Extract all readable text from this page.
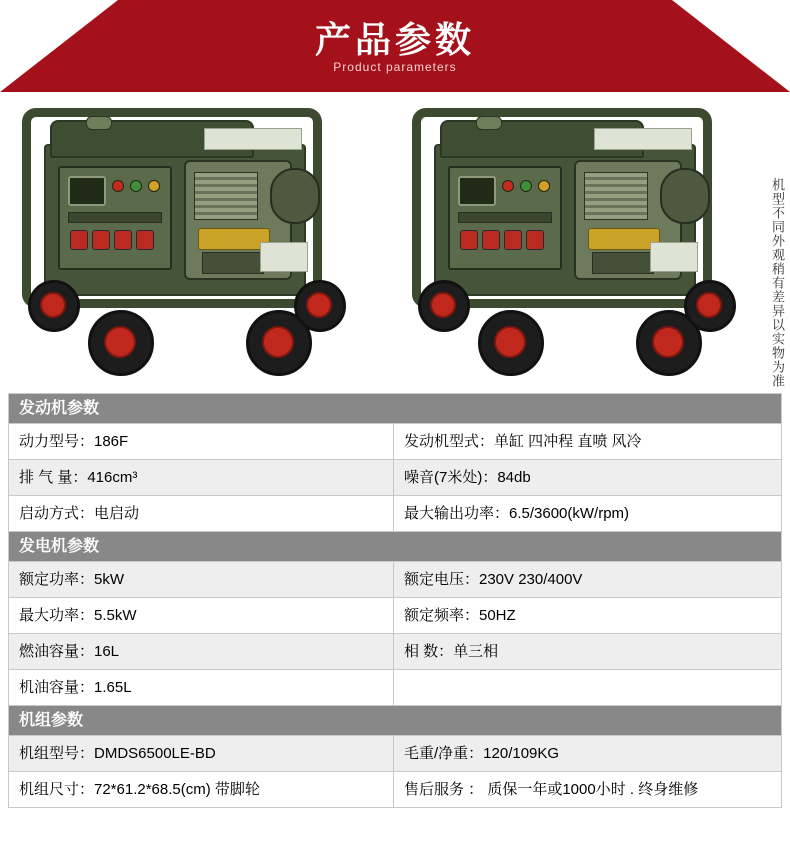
产品参数
Product parameters
机型不同外观稍有差异以实物为准
发动机参数
动力型号：186F	发动机型式：单缸 四冲程 直喷 风冷
排 气 量：416cm³	噪音(7米处)：84db
启动方式：电启动	最大输出功率：6.5/3600(kW/rpm)
发电机参数
额定功率：5kW	额定电压：230V 230/400V
最大功率：5.5kW	额定频率：50HZ
燃油容量：16L	相 数：单三相
机油容量：1.65L
机组参数
机组型号：DMDS6500LE-BD	毛重/净重：120/109KG
机组尺寸：72*61.2*68.5(cm) 带脚轮	售后服务 ： 质保一年或1000小时 . 终身维修
